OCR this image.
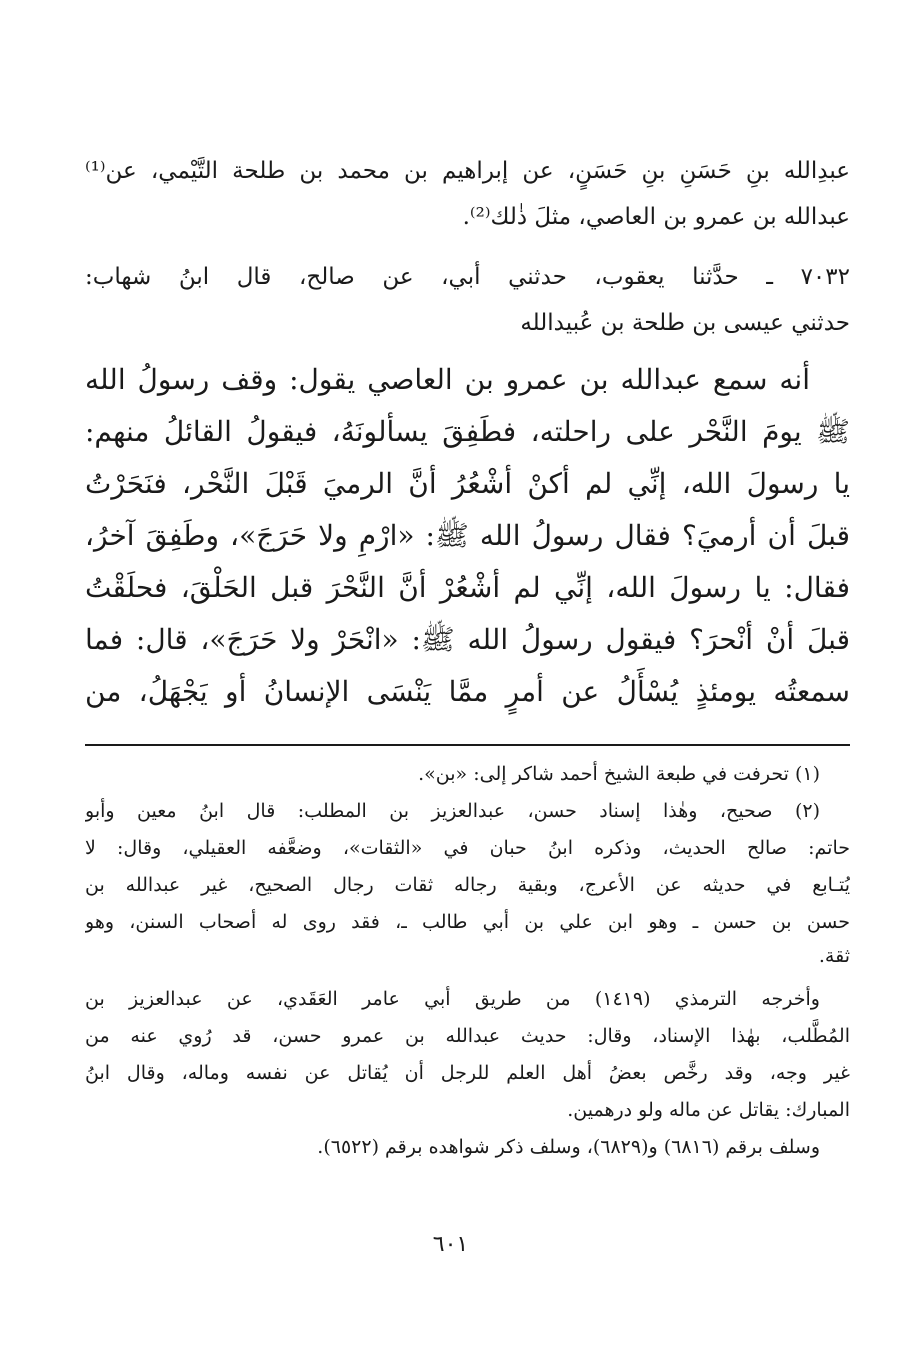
عبدِالله بنِ حَسَنِ بنِ حَسَنٍ، عن إبراهيم بن محمد بن طلحة التَّيْمي، عن⁽¹⁾
عبدالله بن عمرو بن العاصي، مثلَ ذٰلك⁽²⁾.
٧٠٣٢ ـ حدَّثنا يعقوب، حدثني أبي، عن صالح، قال ابنُ شهاب:
حدثني عيسى بن طلحة بن عُبيدالله
أنه سمع عبدالله بن عمرو بن العاصي يقول: وقف رسولُ الله
ﷺ يومَ النَّحْر على راحلته، فطَفِقَ يسألونَهُ، فيقولُ القائلُ منهم:
يا رسولَ الله، إنِّي لم أكنْ أشْعُرُ أنَّ الرميَ قَبْلَ النَّحْر، فنَحَرْتُ
قبلَ أن أرميَ؟ فقال رسولُ الله ﷺ: «ارْمِ ولا حَرَجَ»، وطَفِقَ آخرُ،
فقال: يا رسولَ الله، إنِّي لم أشْعُرْ أنَّ النَّحْرَ قبل الحَلْقَ، فحلَقْتُ
قبلَ أنْ أنْحرَ؟ فيقول رسولُ الله ﷺ: «انْحَرْ ولا حَرَجَ»، قال: فما
سمعتُه يومئذٍ يُسْأَلُ عن أمرٍ ممَّا يَنْسَى الإنسانُ أو يَجْهَلُ، من
(١) تحرفت في طبعة الشيخ أحمد شاكر إلى: «بن».
(٢) صحيح، وهٰذا إسناد حسن، عبدالعزيز بن المطلب: قال ابنُ معين وأبو
حاتم: صالح الحديث، وذكره ابنُ حبان في «الثقات»، وضعَّفه العقيلي، وقال: لا
يُتـابع في حديثه عن الأعرج، وبقية رجاله ثقات رجال الصحيح، غير عبدالله بن
حسن بن حسن ـ وهو ابن علي بن أبي طالب ـ، فقد روى له أصحاب السنن، وهو
ثقة.
وأخرجه الترمذي (١٤١٩) من طريق أبي عامر العَقَدي، عن عبدالعزيز بن
المُطَّلب، بهٰذا الإسناد، وقال: حديث عبدالله بن عمرو حسن، قد رُوي عنه من
غير وجه، وقد رخَّص بعضُ أهل العلم للرجل أن يُقاتل عن نفسه وماله، وقال ابنُ
المبارك: يقاتل عن ماله ولو درهمين.
وسلف برقم (٦٨١٦) و(٦٨٢٩)، وسلف ذكر شواهده برقم (٦٥٢٢).
٦٠١
